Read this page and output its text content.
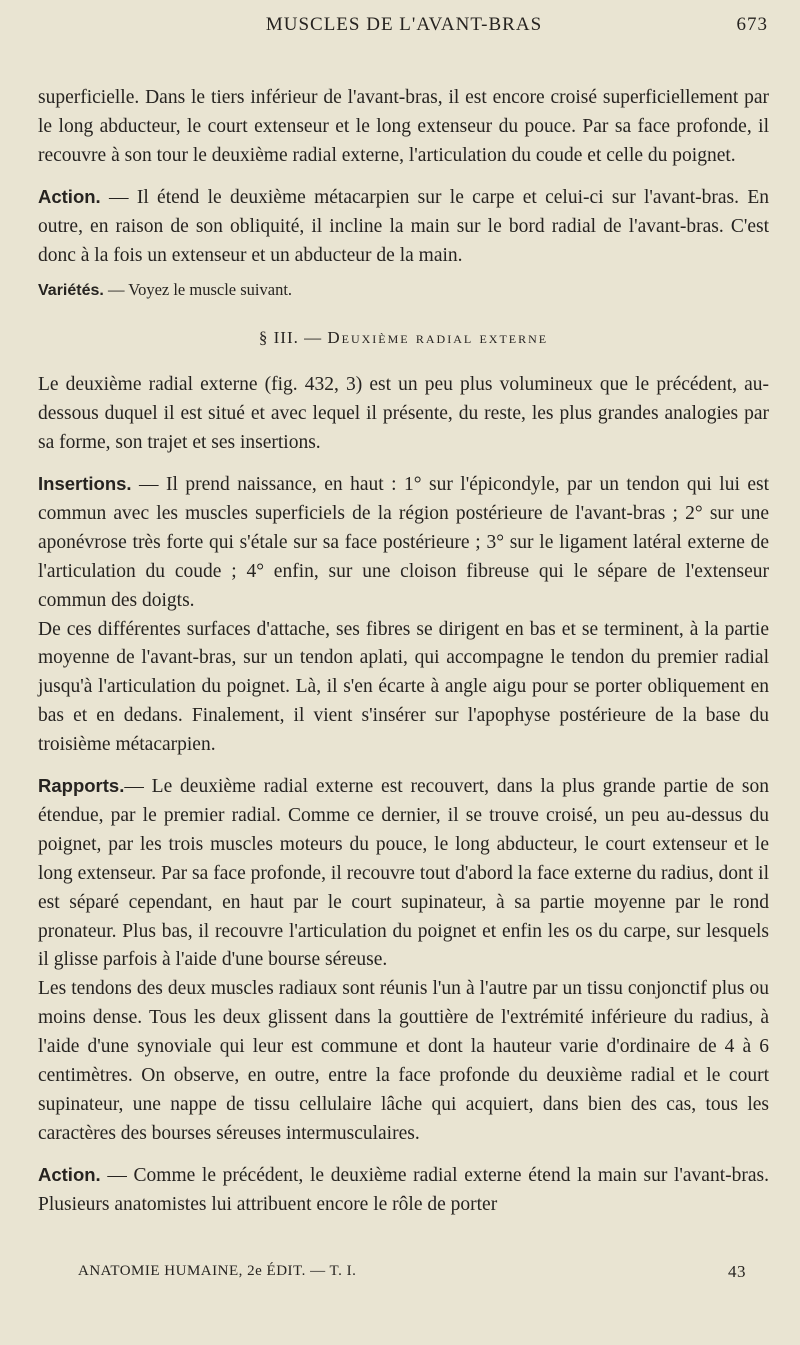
MUSCLES DE L'AVANT-BRAS	673

superficielle. Dans le tiers inférieur de l'avant-bras, il est encore croisé superficiellement par le long abducteur, le court extenseur et le long extenseur du pouce. Par sa face profonde, il recouvre à son tour le deuxième radial externe, l'articulation du coude et celle du poignet.

Action. — Il étend le deuxième métacarpien sur le carpe et celui-ci sur l'avant-bras. En outre, en raison de son obliquité, il incline la main sur le bord radial de l'avant-bras. C'est donc à la fois un extenseur et un abducteur de la main.

Variétés. — Voyez le muscle suivant.

§ III. — Deuxième radial externe

Le deuxième radial externe (fig. 432, 3) est un peu plus volumineux que le précédent, au-dessous duquel il est situé et avec lequel il présente, du reste, les plus grandes analogies par sa forme, son trajet et ses insertions.

Insertions. — Il prend naissance, en haut : 1° sur l'épicondyle, par un tendon qui lui est commun avec les muscles superficiels de la région postérieure de l'avant-bras ; 2° sur une aponévrose très forte qui s'étale sur sa face postérieure ; 3° sur le ligament latéral externe de l'articulation du coude ; 4° enfin, sur une cloison fibreuse qui le sépare de l'extenseur commun des doigts.

De ces différentes surfaces d'attache, ses fibres se dirigent en bas et se terminent, à la partie moyenne de l'avant-bras, sur un tendon aplati, qui accompagne le tendon du premier radial jusqu'à l'articulation du poignet. Là, il s'en écarte à angle aigu pour se porter obliquement en bas et en dedans. Finalement, il vient s'insérer sur l'apophyse postérieure de la base du troisième métacarpien.

Rapports.— Le deuxième radial externe est recouvert, dans la plus grande partie de son étendue, par le premier radial. Comme ce dernier, il se trouve croisé, un peu au-dessus du poignet, par les trois muscles moteurs du pouce, le long abducteur, le court extenseur et le long extenseur. Par sa face profonde, il recouvre tout d'abord la face externe du radius, dont il est séparé cependant, en haut par le court supinateur, à sa partie moyenne par le rond pronateur. Plus bas, il recouvre l'articulation du poignet et enfin les os du carpe, sur lesquels il glisse parfois à l'aide d'une bourse séreuse.

Les tendons des deux muscles radiaux sont réunis l'un à l'autre par un tissu conjonctif plus ou moins dense. Tous les deux glissent dans la gouttière de l'extrémité inférieure du radius, à l'aide d'une synoviale qui leur est commune et dont la hauteur varie d'ordinaire de 4 à 6 centimètres. On observe, en outre, entre la face profonde du deuxième radial et le court supinateur, une nappe de tissu cellulaire lâche qui acquiert, dans bien des cas, tous les caractères des bourses séreuses intermusculaires.

Action. — Comme le précédent, le deuxième radial externe étend la main sur l'avant-bras. Plusieurs anatomistes lui attribuent encore le rôle de porter

ANATOMIE HUMAINE, 2e ÉDIT. — T. I.	43
